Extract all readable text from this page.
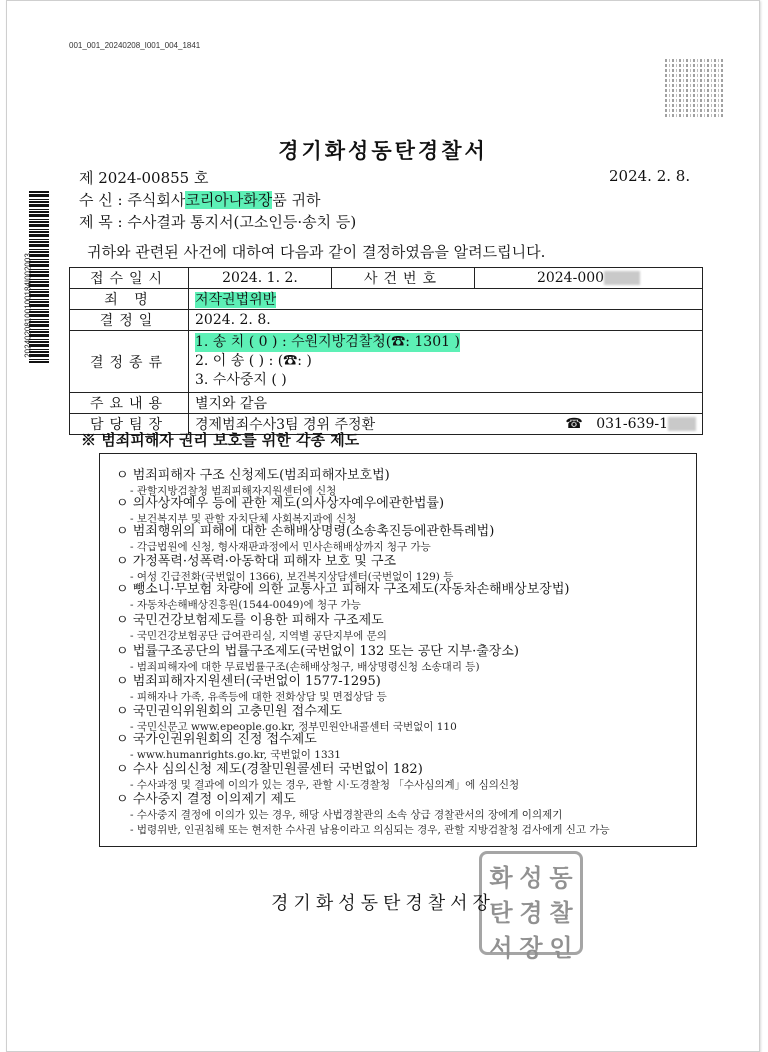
001_001_20240208_I001_004_1841
20240208100100184I002003
경기화성동탄경찰서
제 2024-00855 호	2024. 2. 8.
수 신 : 주식회사코리아나화장품 귀하
제 목 : 수사결과 통지서(고소인등·송치 등)
귀하와 관련된 사건에 대하여 다음과 같이 결정하였음을 알려드립니다.
접수일시	2024. 1. 2.	사건번호	2024-000
죄 명	저작권법위반		
결정일	2024. 2. 8.		
결정종류	1. 송 치 ( 0 ) : 수원지방검찰청(☎: 1301 )
2. 이 송 ( ) : (☎: )
3. 수사중지 ( )		
주요내용	별지와 같음		
담당팀장	경제범죄수사3팀 경위 주정환		☎ 031-639-1
※ 범죄피해자 권리 보호를 위한 각종 제도
ㅇ 범죄피해자 구조 신청제도(범죄피해자보호법)
- 관할지방검찰청 범죄피해자지원센터에 신청
ㅇ 의사상자예우 등에 관한 제도(의사상자예우에관한법률)
- 보건복지부 및 관할 자치단체 사회복지과에 신청
ㅇ 범죄행위의 피해에 대한 손해배상명령(소송촉진등에관한특례법)
- 각급법원에 신청, 형사재판과정에서 민사손해배상까지 청구 가능
ㅇ 가정폭력·성폭력·아동학대 피해자 보호 및 구조
- 여성 긴급전화(국번없이 1366), 보건복지상담센터(국번없이 129) 등
ㅇ 뺑소니·무보험 차량에 의한 교통사고 피해자 구조제도(자동차손해배상보장법)
- 자동차손해배상진흥원(1544-0049)에 청구 가능
ㅇ 국민건강보험제도를 이용한 피해자 구조제도
- 국민건강보험공단 급여관리실, 지역별 공단지부에 문의
ㅇ 법률구조공단의 법률구조제도(국번없이 132 또는 공단 지부·출장소)
- 범죄피해자에 대한 무료법률구조(손해배상청구, 배상명령신청 소송대리 등)
ㅇ 범죄피해자지원센터(국번없이 1577-1295)
- 피해자나 가족, 유족등에 대한 전화상담 및 면접상담 등
ㅇ 국민권익위원회의 고충민원 접수제도
- 국민신문고 www.epeople.go.kr, 정부민원안내콜센터 국번없이 110
ㅇ 국가인권위원회의 진정 접수제도
- www.humanrights.go.kr, 국번없이 1331
ㅇ 수사 심의신청 제도(경찰민원콜센터 국번없이 182)
- 수사과정 및 결과에 이의가 있는 경우, 관할 시·도경찰청 「수사심의계」에 심의신청
ㅇ 수사중지 결정 이의제기 제도
- 수사중지 결정에 이의가 있는 경우, 해당 사법경찰관의 소속 상급 경찰관서의 장에게 이의제기
- 법령위반, 인권침해 또는 현저한 수사권 남용이라고 의심되는 경우, 관할 지방검찰청 검사에게 신고 가능
화 성 동
탄 경 찰
서 장 인
경기화성동탄경찰서장
